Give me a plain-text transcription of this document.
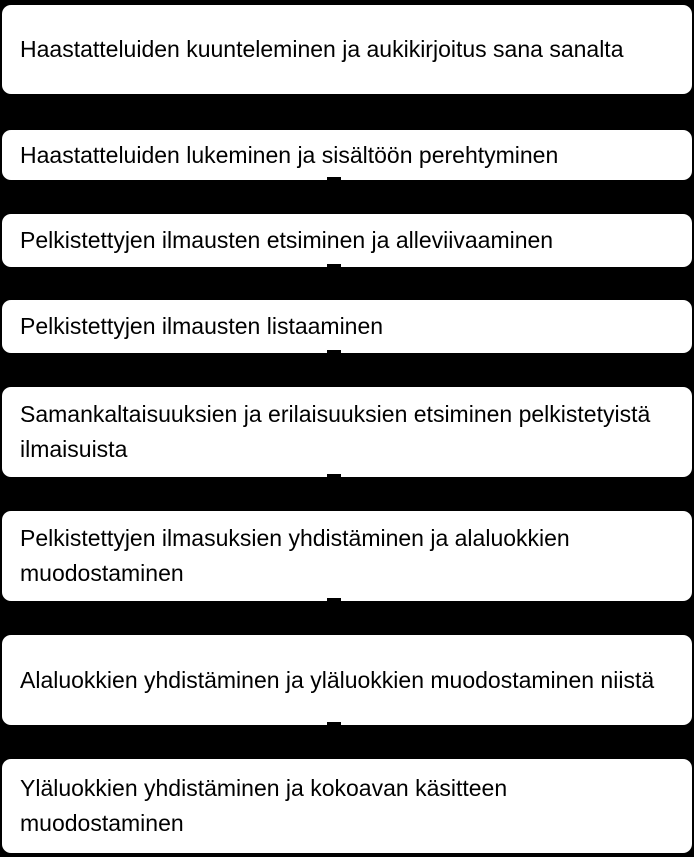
Haastatteluiden kuunteleminen ja aukikirjoitus sana sanalta
Haastatteluiden lukeminen ja sisältöön perehtyminen
Pelkistettyjen ilmausten etsiminen ja alleviivaaminen
Pelkistettyjen ilmausten listaaminen
Samankaltaisuuksien ja erilaisuuksien etsiminen pelkistetyistä ilmaisuista
Pelkistettyjen ilmasuksien yhdistäminen ja alaluokkien muodostaminen
Alaluokkien yhdistäminen ja yläluokkien muodostaminen niistä
Yläluokkien yhdistäminen ja kokoavan käsitteen muodostaminen
